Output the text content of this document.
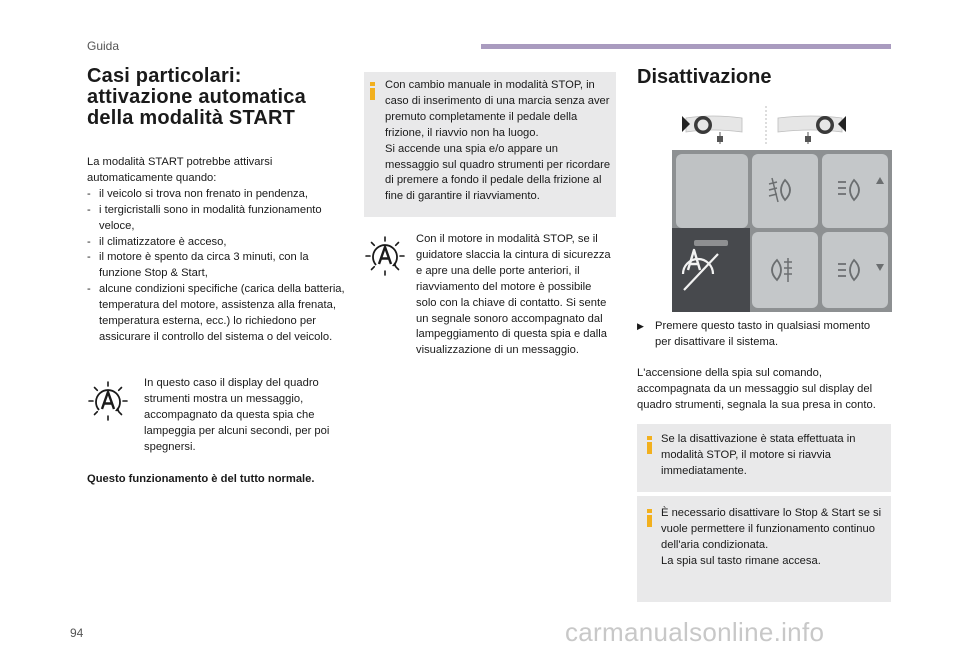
Guida
Casi particolari: attivazione automatica della modalità START
La modalità START potrebbe attivarsi automaticamente quando:
- il veicolo si trova non frenato in pendenza,
- i tergicristalli sono in modalità funzionamento veloce,
- il climatizzatore è acceso,
- il motore è spento da circa 3 minuti, con la funzione Stop & Start,
- alcune condizioni specifiche (carica della batteria, temperatura del motore, assistenza alla frenata, temperatura esterna, ecc.) lo richiedono per assicurare il controllo del sistema o del veicolo.
In questo caso il display del quadro strumenti mostra un messaggio, accompagnato da questa spia che lampeggia per alcuni secondi, per poi spegnersi.
Questo funzionamento è del tutto normale.
Con cambio manuale in modalità STOP, in caso di inserimento di una marcia senza aver premuto completamente il pedale della frizione, il riavvio non ha luogo.
Si accende una spia e/o appare un messaggio sul quadro strumenti per ricordare di premere a fondo il pedale della frizione al fine di garantire il riavviamento.
Con il motore in modalità STOP, se il guidatore slaccia la cintura di sicurezza e apre una delle porte anteriori, il riavviamento del motore è possibile solo con la chiave di contatto. Si sente un segnale sonoro accompagnato dal lampeggiamento di questa spia e dalla visualizzazione di un messaggio.
Disattivazione
▶ Premere questo tasto in qualsiasi momento per disattivare il sistema.
L'accensione della spia sul comando, accompagnata da un messaggio sul display del quadro strumenti, segnala la sua presa in conto.
Se la disattivazione è stata effettuata in modalità STOP, il motore si riavvia immediatamente.
È necessario disattivare lo Stop & Start se si vuole permettere il funzionamento continuo dell'aria condizionata.
La spia sul tasto rimane accesa.
94	carmanualsonline.info
